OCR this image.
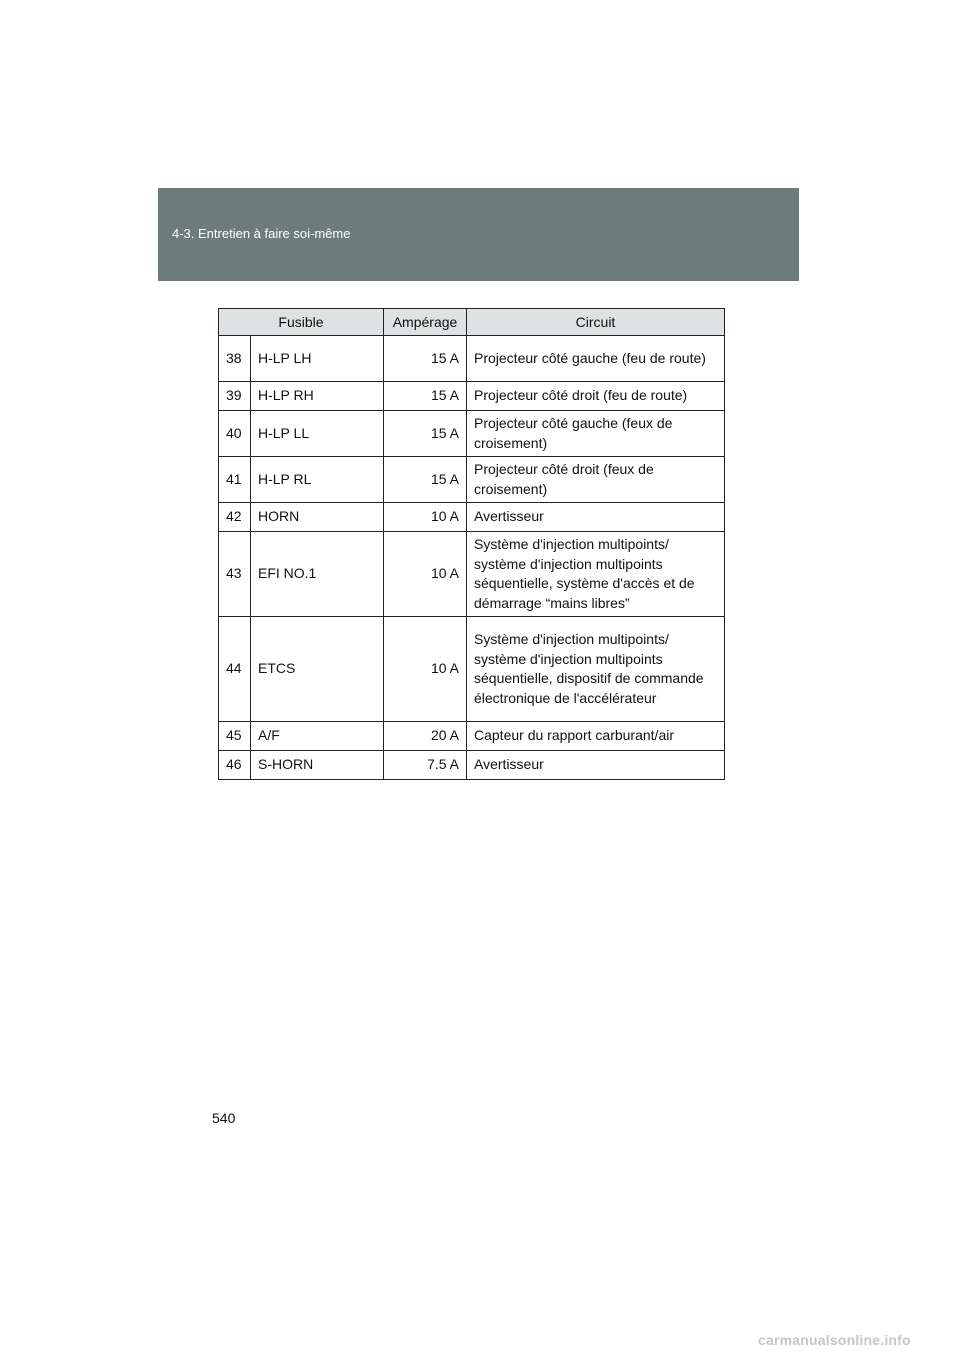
4-3. Entretien à faire soi-même
Fusible		Ampérage	Circuit
38	H-LP LH	15 A	Projecteur côté gauche (feu de route)
39	H-LP RH	15 A	Projecteur côté droit (feu de route)
40	H-LP LL	15 A	Projecteur côté gauche (feux de croisement)
41	H-LP RL	15 A	Projecteur côté droit (feux de croisement)
42	HORN	10 A	Avertisseur
43	EFI NO.1	10 A	Système d'injection multipoints/ système d'injection multipoints séquentielle, système d'accès et de démarrage “mains libres”
44	ETCS	10 A	Système d'injection multipoints/ système d'injection multipoints séquentielle, dispositif de commande électronique de l'accélérateur
45	A/F	20 A	Capteur du rapport carburant/air
46	S-HORN	7.5 A	Avertisseur
540
carmanualsonline.info
